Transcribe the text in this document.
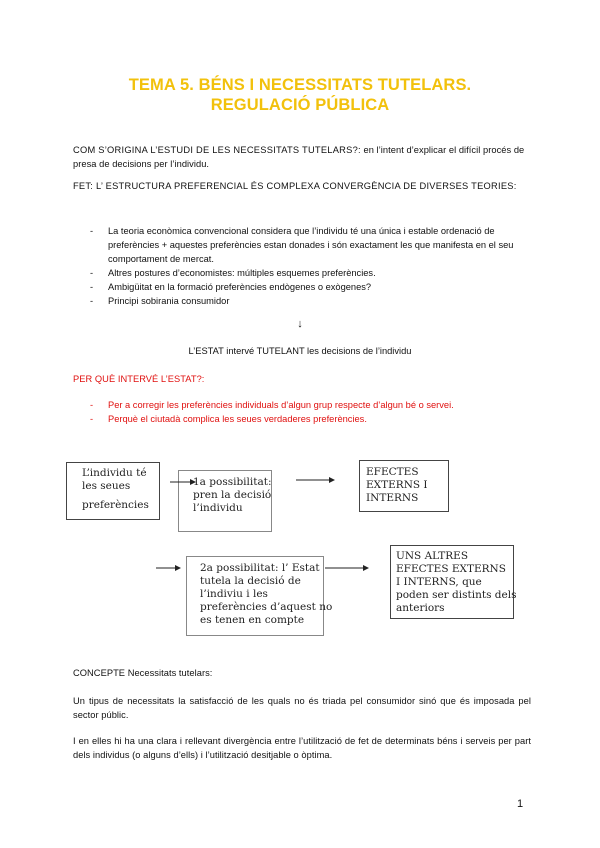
TEMA 5. BÉNS I NECESSITATS TUTELARS.
REGULACIÓ PÚBLICA
COM S’ORIGINA L’ESTUDI DE LES NECESSITATS TUTELARS?: en l’intent d’explicar el difícil procés de presa de decisions per l’individu.
FET: L’ ESTRUCTURA PREFERENCIAL ÉS COMPLEXA CONVERGÈNCIA DE DIVERSES TEORIES:
- La teoria econòmica convencional considera que l’individu té una única i estable ordenació de preferències + aquestes preferències estan donades i són exactament les que manifesta en el seu comportament de mercat.
- Altres postures d’economistes: múltiples esquemes preferències.
- Ambigüitat en la formació preferències endògenes o exògenes?
- Principi sobirania consumidor
↓
L’ESTAT intervé TUTELANT les decisions de l’individu
PER QUÈ INTERVÉ L’ESTAT?:
- Per a corregir les preferències individuals d’algun grup respecte d’algun bé o servei.
- Perquè el ciutadà complica les seues verdaderes preferències.
L’individu té
les seues
preferències
1a possibilitat:
pren la decisió
l’individu
EFECTES
EXTERNS I
INTERNS
2a possibilitat: l’ Estat
tutela la decisió de
l’indiviu i les
preferències d’aquest no
es tenen en compte
UNS ALTRES
EFECTES EXTERNS
I INTERNS, que
poden ser distints dels
anteriors
CONCEPTE Necessitats tutelars:
Un tipus de necessitats la satisfacció de les quals no és triada pel consumidor sinó que és imposada pel sector públic.
I en elles hi ha una clara i rellevant divergència entre l’utilització de fet de determinats béns i serveis per part dels individus (o alguns d’ells) i l’utilització desitjable o òptima.
1
